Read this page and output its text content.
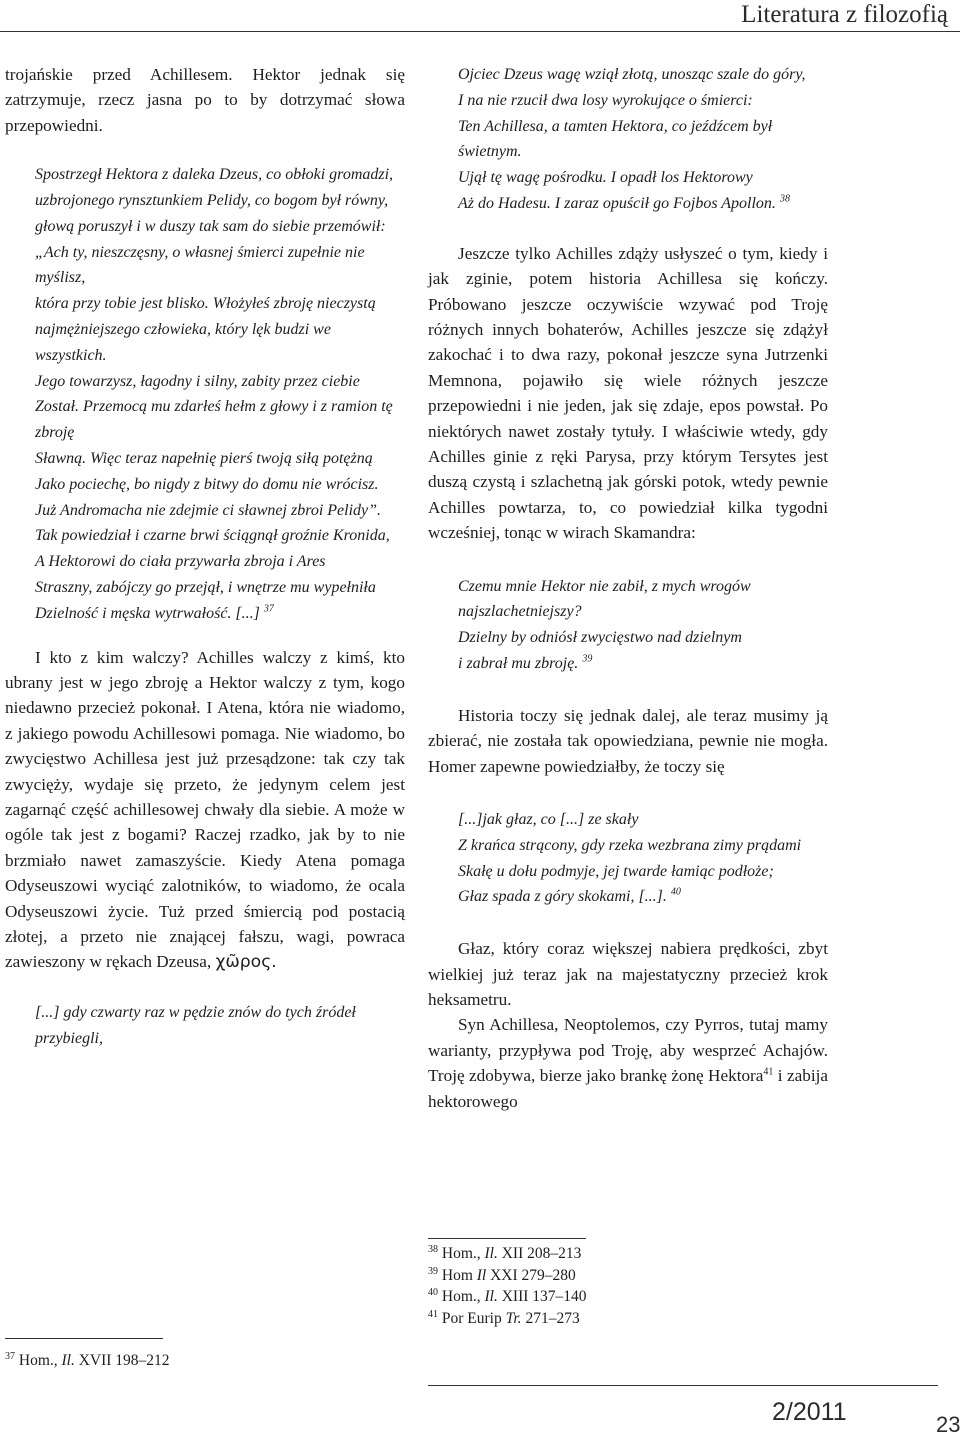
Literatura z filozofią

trojańskie przed Achillesem. Hektor jednak się zatrzymuje, rzecz jasna po to by dotrzymać słowa przepowiedni.

Spostrzegł Hektora z daleka Dzeus, co obłoki gromadzi,
uzbrojonego rynsztunkiem Pelidy, co bogom był równy,
głową poruszył i w duszy tak sam do siebie przemówił:
„Ach ty, nieszczęsny, o własnej śmierci zupełnie nie myślisz,
która przy tobie jest blisko. Włożyłeś zbroję nieczystą
najmężniejszego człowieka, który lęk budzi we wszystkich.
Jego towarzysz, łagodny i silny, zabity przez ciebie
Został. Przemocą mu zdarłeś hełm z głowy i z ramion tę zbroję
Sławną. Więc teraz napełnię pierś twoją siłą potężną
Jako pociechę, bo nigdy z bitwy do domu nie wrócisz.
Już Andromacha nie zdejmie ci sławnej zbroi Pelidy”.
Tak powiedział i czarne brwi ściągnął groźnie Kronida,
A Hektorowi do ciała przywarła zbroja i Ares
Straszny, zabójczy go przejął, i wnętrze mu wypełniła
Dzielność i męska wytrwałość. [...] $^{37}$

I kto z kim walczy? Achilles walczy z kimś, kto ubrany jest w jego zbroję a Hektor walczy z tym, kogo niedawno przecież pokonał. I Atena, która nie wiadomo, z jakiego powodu Achillesowi pomaga. Nie wiadomo, bo zwycięstwo Achillesa jest już przesądzone: tak czy tak zwycięży, wydaje się przeto, że jedynym celem jest zagarnąć część achillesowej chwały dla siebie. A może w ogóle tak jest z bogami? Raczej rzadko, jak by to nie brzmiało nawet zamaszyście. Kiedy Atena pomaga Odyseuszowi wyciąć zalotników, to wiadomo, że ocala Odyseuszowi życie. Tuż przed śmiercią pod postacią złotej, a przeto nie znającej fałszu, wagi, powraca zawieszony w rękach Dzeusa, χῶρος.

[...] gdy czwarty raz w pędzie znów do tych źródeł przybiegli,
$^{37}$ Hom., Il. XVII 198–212
Ojciec Dzeus wagę wziął złotą, unosząc szale do góry,
I na nie rzucił dwa losy wyrokujące o śmierci:
Ten Achillesa, a tamten Hektora, co jeźdźcem był świetnym.
Ujął tę wagę pośrodku. I opadł los Hektorowy
Aż do Hadesu. I zaraz opuścił go Fojbos Apollon. $^{38}$

Jeszcze tylko Achilles zdąży usłyszeć o tym, kiedy i jak zginie, potem historia Achillesa się kończy. Próbowano jeszcze oczywiście wzywać pod Troję różnych innych bohaterów, Achilles jeszcze się zdążył zakochać i to dwa razy, pokonał jeszcze syna Jutrzenki Memnona, pojawiło się wiele różnych jeszcze przepowiedni i nie jeden, jak się zdaje, epos powstał. Po niektórych nawet zostały tytuły. I właściwie wtedy, gdy Achilles ginie z ręki Parysa, przy którym Tersytes jest duszą czystą i szlachetną jak górski potok, wtedy pewnie Achilles powtarza, to, co powiedział kilka tygodni wcześniej, tonąc w wirach Skamandra:

Czemu mnie Hektor nie zabił, z mych wrogów najszlachetniejszy?
Dzielny by odniósł zwycięstwo nad dzielnym
i zabrał mu zbroję. $^{39}$

Historia toczy się jednak dalej, ale teraz musimy ją zbierać, nie została tak opowiedziana, pewnie nie mogła. Homer zapewne powiedziałby, że toczy się

[...]jak głaz, co [...] ze skały
Z krańca strącony, gdy rzeka wezbrana zimy prądami
Skałę u dołu podmyje, jej twarde łamiąc podłoże;
Głaz spada z góry skokami, [...]. $^{40}$

Głaz, który coraz większej nabiera prędkości, zbyt wielkiej już teraz jak na majestatyczny przecież krok heksametru.

Syn Achillesa, Neoptolemos, czy Pyrros, tutaj mamy warianty, przypływa pod Troję, aby wesprzeć Achajów. Troję zdobywa, bierze jako brankę żonę Hektora$^{41}$ i zabija hektorowego

$^{38}$ Hom., Il. XII 208–213
$^{39}$ Hom Il XXI 279–280
$^{40}$ Hom., Il. XIII 137–140
$^{41}$ Por Eurip Tr. 271–273
2/2011	23
